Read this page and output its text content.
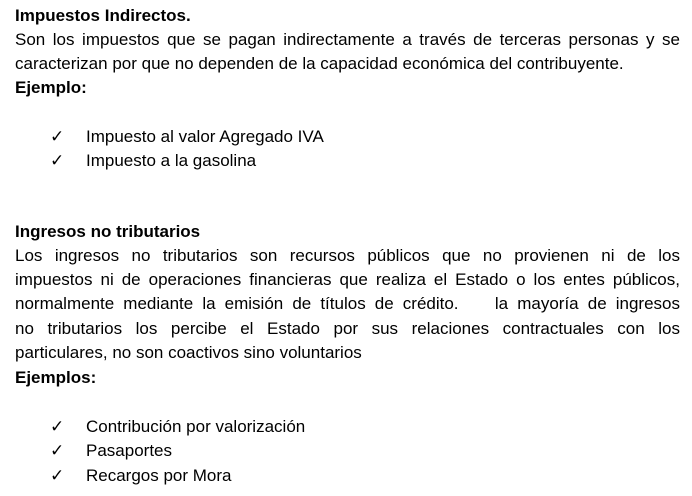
Impuestos Indirectos.
Son los impuestos que se pagan indirectamente a través de terceras personas y se
caracterizan por que no dependen de la capacidad económica del contribuyente.
Ejemplo:
✓	Impuesto al valor Agregado IVA
✓	Impuesto a la gasolina
Ingresos no tributarios
Los ingresos no tributarios son recursos públicos que no provienen ni de los
impuestos ni de operaciones financieras que realiza el Estado o los entes públicos,
normalmente mediante la emisión de títulos de crédito.    la mayoría de ingresos
no tributarios los percibe el Estado por sus relaciones contractuales con los
particulares, no son coactivos sino voluntarios
Ejemplos:
✓	Contribución por valorización
✓	Pasaportes
✓	Recargos por Mora
